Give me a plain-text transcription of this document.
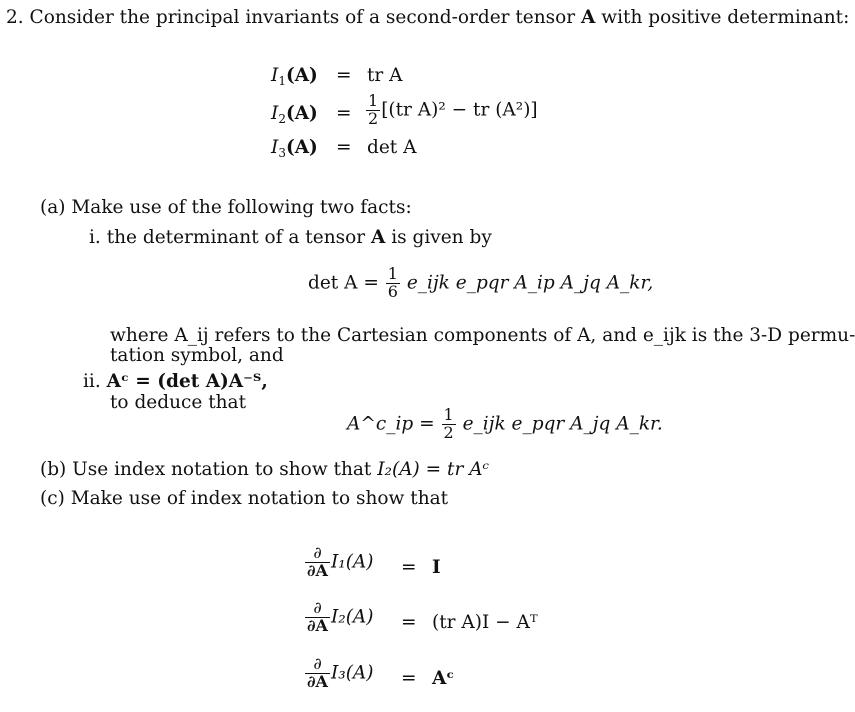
2. Consider the principal invariants of a second-order tensor A with positive determinant:
$I_1(A)$ = tr A
$I_2(A) = \frac{1}{2} [(tr$ A)² − tr (A²)]
$I_3(A) = \det A$
(a) Make use of the following two facts:
i. the determinant of a tensor A is given by
$\det A = \frac{1}{6}$ e_ijk e_pqr A_ip A_jq A_kr,
where A_ij refers to the Cartesian components of A, and e_ijk is the 3-D permu-
tation symbol, and
ii. Aᶜ = (det A)A⁻ᵀ,
to deduce that
A^c_ip = $\frac{1}{2}$ e_ijk e_pqr A_jq A_kr.
(b) Use index notation to show that I₂(A) = tr Aᶜ
(c) Make use of index notation to show that
$\frac{\partial}{\partial A} I_1(A) = I$
$\frac{\partial}{\partial A} I_2(A) = (tr$ A)I − Aᵀ
$\frac{\partial}{\partial A} I_3(A)$ = Aᶜ
